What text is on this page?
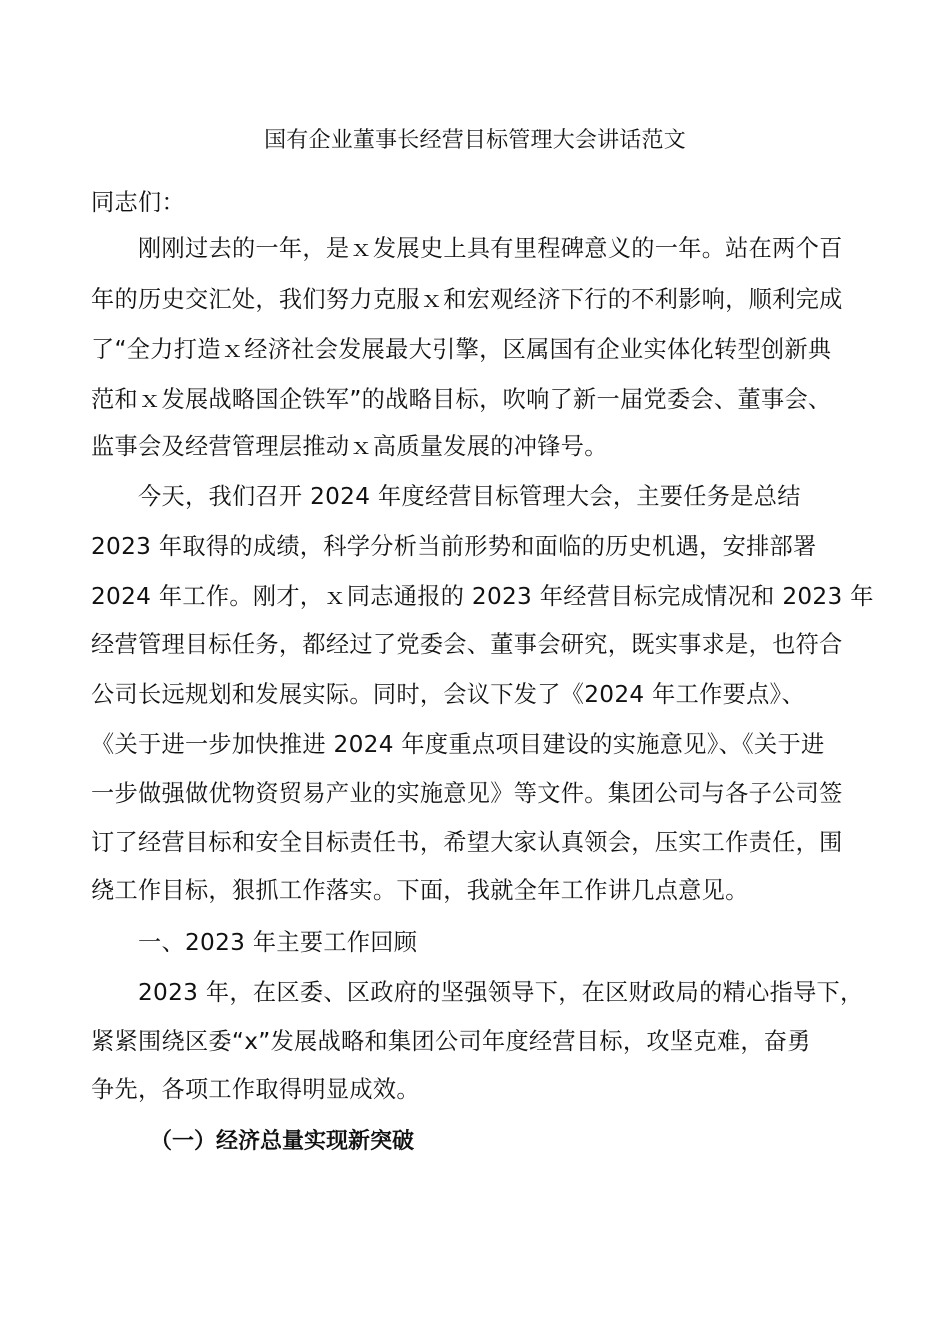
国有企业董事长经营目标管理大会讲话范文
同志们：
刚刚过去的一年，是ｘ发展史上具有里程碑意义的一年。站在两个百
年的历史交汇处，我们努力克服ｘ和宏观经济下行的不利影响，顺利完成
了“全力打造ｘ经济社会发展最大引擎，区属国有企业实体化转型创新典
范和ｘ发展战略国企铁军”的战略目标，吹响了新一届党委会、董事会、
监事会及经营管理层推动ｘ高质量发展的冲锋号。
今天，我们召开 2024 年度经营目标管理大会，主要任务是总结
2023 年取得的成绩，科学分析当前形势和面临的历史机遇，安排部署
2024 年工作。刚才，ｘ同志通报的 2023 年经营目标完成情况和 2023 年
经营管理目标任务，都经过了党委会、董事会研究，既实事求是，也符合
公司长远规划和发展实际。同时，会议下发了《2024 年工作要点》、
《关于进一步加快推进 2024 年度重点项目建设的实施意见》、《关于进
一步做强做优物资贸易产业的实施意见》等文件。集团公司与各子公司签
订了经营目标和安全目标责任书，希望大家认真领会，压实工作责任，围
绕工作目标，狠抓工作落实。下面，我就全年工作讲几点意见。
一、2023 年主要工作回顾
2023 年，在区委、区政府的坚强领导下，在区财政局的精心指导下，
紧紧围绕区委“x”发展战略和集团公司年度经营目标，攻坚克难，奋勇
争先，各项工作取得明显成效。
（一）经济总量实现新突破
